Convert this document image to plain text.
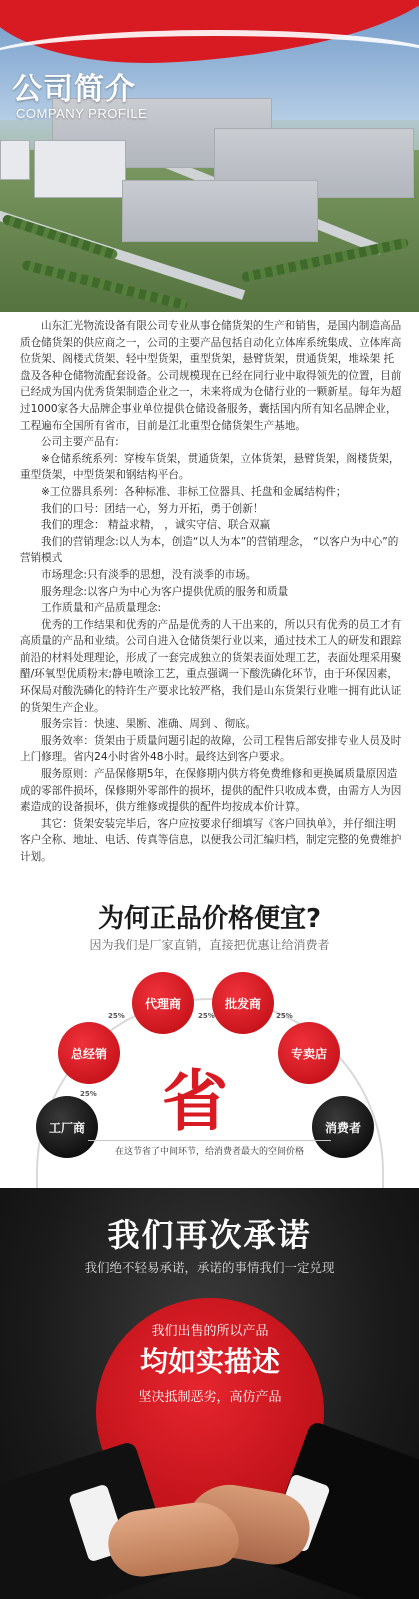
公司简介
COMPANY PROFILE

山东汇光物流设备有限公司专业从事仓储货架的生产和销售，是国内制造高品质仓储货架的供应商之一，公司的主要产品包括自动化立体库系统集成、立体库高位货架、阁楼式货架、轻中型货架，重型货架，悬臂货架，贯通货架，堆垛架 托盘及各种仓储物流配套设备。公司规模现在已经在同行业中取得领先的位置，目前已经成为国内优秀货架制造企业之一，未来将成为仓储行业的一颗新星。每年为超过1000家各大品牌企事业单位提供仓储设备服务，囊括国内所有知名品牌企业，工程遍布全国所有省市，目前是江北重型仓储货架生产基地。

公司主要产品有:

※仓储系统系列：穿梭车货架，贯通货架，立体货架，悬臂货架，阁楼货架，重型货架，中型货架和钢结构平台。

※工位器具系列：各种标准、非标工位器具、托盘和金属结构件；

我们的口号：团结一心，努力开拓，勇于创新！

我们的理念： 精益求精， ，诚实守信、联合双赢

我们的营销理念:以人为本，创造“以人为本”的营销理念， “以客户为中心”的营销模式

市场理念:只有淡季的思想，没有淡季的市场。

服务理念:以客户为中心为客户提供优质的服务和质量

工作质量和产品质量理念:

优秀的工作结果和优秀的产品是优秀的人干出来的，所以只有优秀的员工才有高质量的产品和业绩。公司自进入仓储货架行业以来，通过技术工人的研发和跟踪前沿的材料处理理论，形成了一套完成独立的货架表面处理工艺，表面处理采用聚醋/环氧型优质粉末;静电喷涂工艺，重点强调一下酸洗磷化环节，由于环保因素，环保局对酸洗磷化的特许生产要求比较严格，我们是山东货架行业唯一拥有此认证的货架生产企业。

服务宗旨：快速、果断、准确、周到 、彻底。

服务效率：货架由于质量问题引起的故障，公司工程售后部安排专业人员及时上门修理。省内24小时省外48小时。最终达到客户要求。

服务原则：产品保修期5年，在保修期内供方将免费维修和更换属质量原因造成的零部件损坏，保修期外零部件的损坏，提供的配件只收成本费，由需方人为因素造成的设备损坏，供方维修或提供的配件均按成本价计算。

其它：货架安装完毕后，客户应按要求仔细填写《客户回执单》，并仔细注明客户全称、地址、电话、传真等信息，以便我公司汇编归档，制定完整的免费维护计划。

为何正品价格便宜?
因为我们是厂家直销，直接把优惠让给消费者
工厂商
总经销
代理商	批发商
专卖店
消费者
25%
25%	25%	25%
省
在这节省了中间环节，给消费者最大的空间价格
我们再次承诺
我们绝不轻易承诺，承诺的事情我们一定兑现
我们出售的所以产品
均如实描述
坚决抵制恶劣，高仿产品
